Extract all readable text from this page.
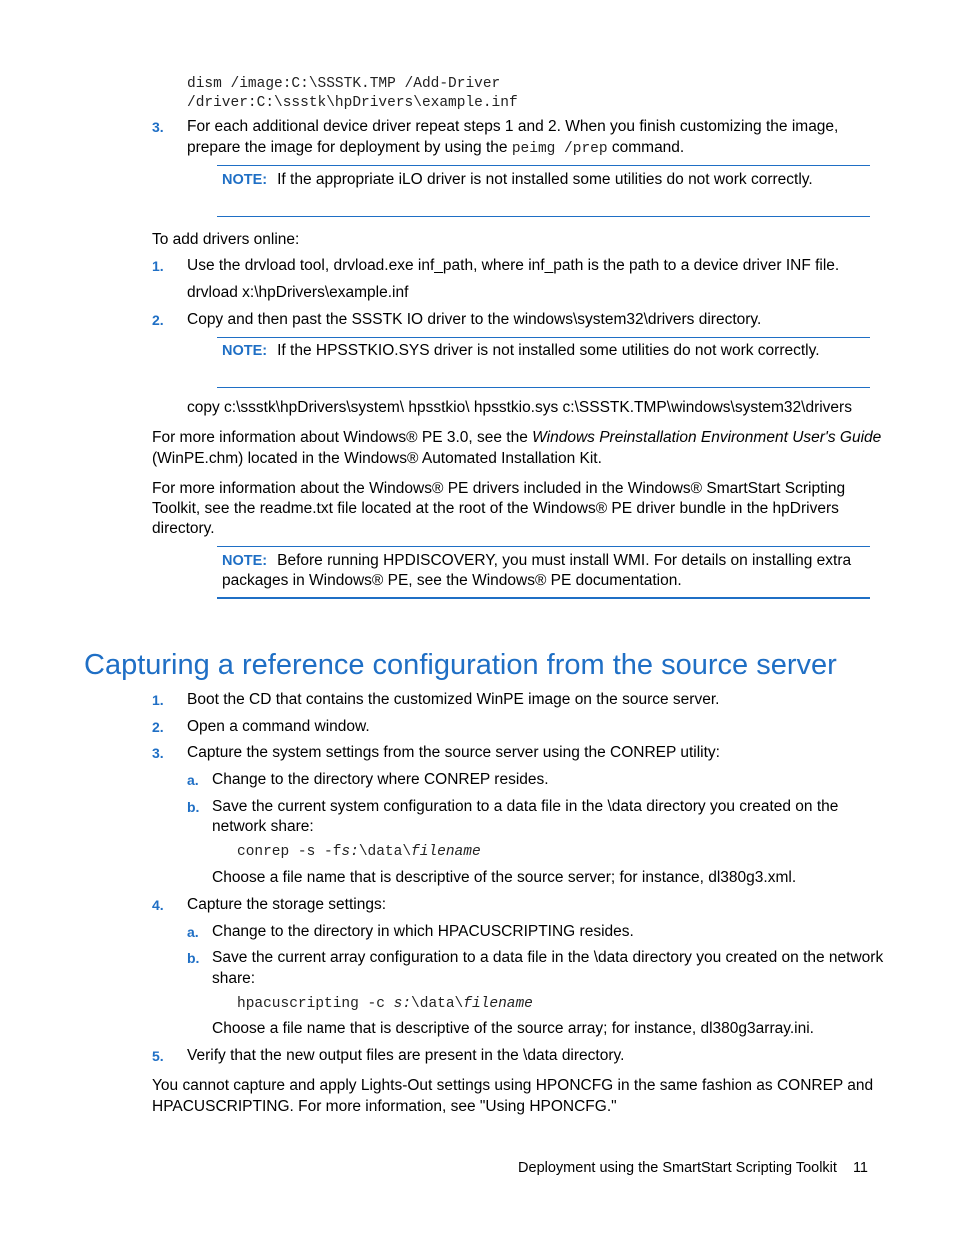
dism /image:C:\SSSTK.TMP /Add-Driver
/driver:C:\ssstk\hpDrivers\example.inf
3. For each additional device driver repeat steps 1 and 2. When you finish customizing the image,
prepare the image for deployment by using the peimg /prep command.
NOTE: If the appropriate iLO driver is not installed some utilities do not work correctly.
To add drivers online:
1. Use the drvload tool, drvload.exe inf_path, where inf_path is the path to a device driver INF file.
drvload x:\hpDrivers\example.inf
2. Copy and then past the SSSTK IO driver to the windows\system32\drivers directory.
NOTE: If the HPSSTKIO.SYS driver is not installed some utilities do not work correctly.
copy c:\ssstk\hpDrivers\system\ hpsstkio\ hpsstkio.sys c:\SSSTK.TMP\windows\system32\drivers
For more information about Windows® PE 3.0, see the Windows Preinstallation Environment User's Guide
(WinPE.chm) located in the Windows® Automated Installation Kit.
For more information about the Windows® PE drivers included in the Windows® SmartStart Scripting
Toolkit, see the readme.txt file located at the root of the Windows® PE driver bundle in the hpDrivers
directory.
NOTE: Before running HPDISCOVERY, you must install WMI. For details on installing extra
packages in Windows® PE, see the Windows® PE documentation.
Capturing a reference configuration from the source server
1. Boot the CD that contains the customized WinPE image on the source server.
2. Open a command window.
3. Capture the system settings from the source server using the CONREP utility:
a. Change to the directory where CONREP resides.
b. Save the current system configuration to a data file in the \data directory you created on the
network share:
conrep -s -fs:\data\filename
Choose a file name that is descriptive of the source server; for instance, dl380g3.xml.
4. Capture the storage settings:
a. Change to the directory in which HPACUSCRIPTING resides.
b. Save the current array configuration to a data file in the \data directory you created on the network
share:
hpacuscripting -c s:\data\filename
Choose a file name that is descriptive of the source array; for instance, dl380g3array.ini.
5. Verify that the new output files are present in the \data directory.
You cannot capture and apply Lights-Out settings using HPONCFG in the same fashion as CONREP and
HPACUSCRIPTING. For more information, see "Using HPONCFG."
Deployment using the SmartStart Scripting Toolkit 11
